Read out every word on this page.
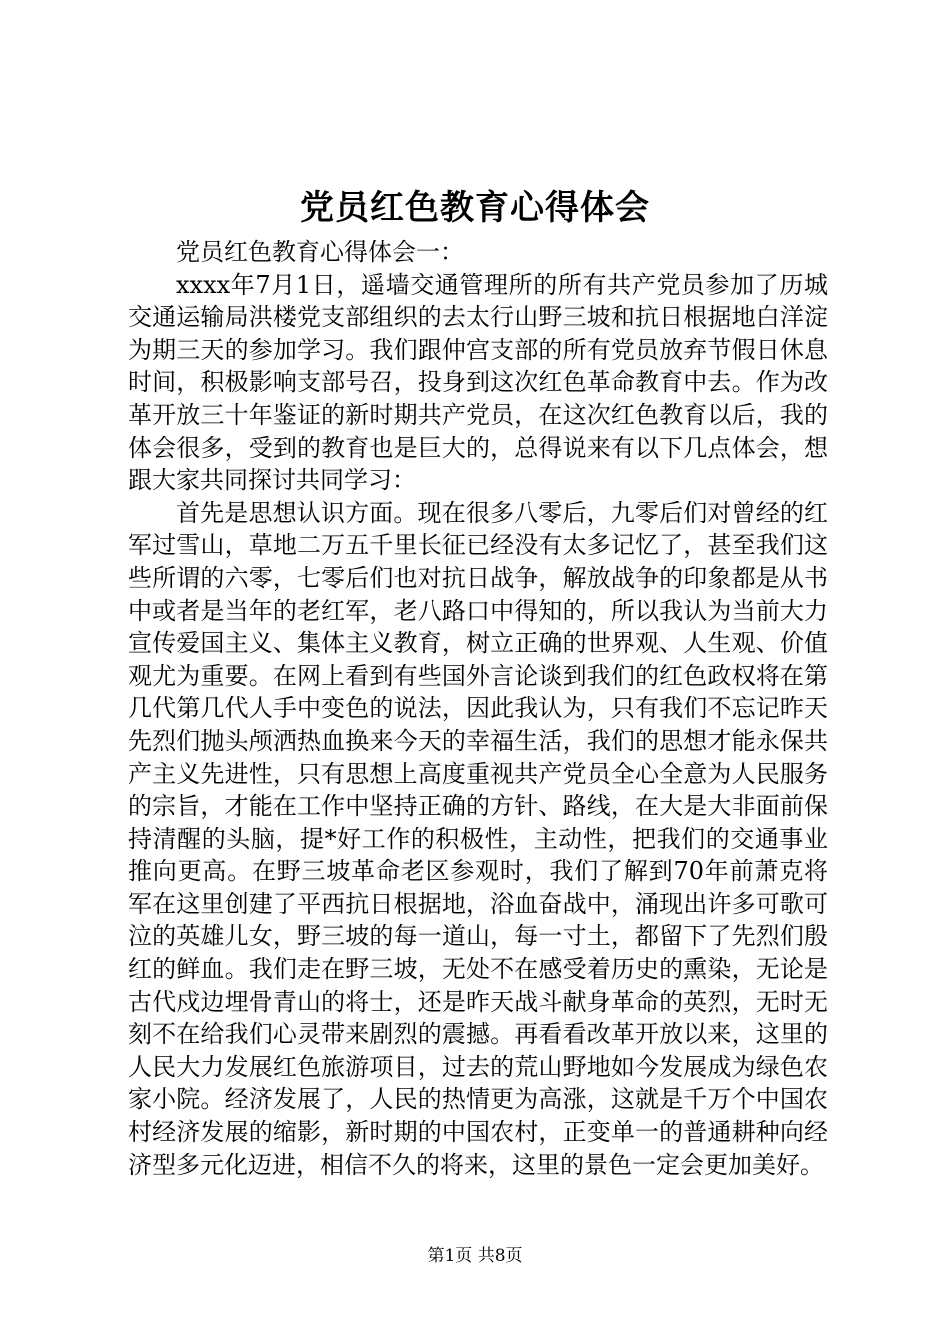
党员红色教育心得体会

党员红色教育心得体会一：

xxxx年7月1日，遥墙交通管理所的所有共产党员参加了历城交通运输局洪楼党支部组织的去太行山野三坡和抗日根据地白洋淀为期三天的参加学习。我们跟仲宫支部的所有党员放弃节假日休息时间，积极影响支部号召，投身到这次红色革命教育中去。作为改革开放三十年鉴证的新时期共产党员，在这次红色教育以后，我的体会很多，受到的教育也是巨大的，总得说来有以下几点体会，想跟大家共同探讨共同学习：

首先是思想认识方面。现在很多八零后，九零后们对曾经的红军过雪山，草地二万五千里长征已经没有太多记忆了，甚至我们这些所谓的六零，七零后们也对抗日战争，解放战争的印象都是从书中或者是当年的老红军，老八路口中得知的，所以我认为当前大力宣传爱国主义、集体主义教育，树立正确的世界观、人生观、价值观尤为重要。在网上看到有些国外言论谈到我们的红色政权将在第几代第几代人手中变色的说法，因此我认为，只有我们不忘记昨天先烈们抛头颅洒热血换来今天的幸福生活，我们的思想才能永保共产主义先进性，只有思想上高度重视共产党员全心全意为人民服务的宗旨，才能在工作中坚持正确的方针、路线，在大是大非面前保持清醒的头脑，提*好工作的积极性，主动性，把我们的交通事业推向更高。在野三坡革命老区参观时，我们了解到70年前萧克将军在这里创建了平西抗日根据地，浴血奋战中，涌现出许多可歌可泣的英雄儿女，野三坡的每一道山，每一寸土，都留下了先烈们殷红的鲜血。我们走在野三坡，无处不在感受着历史的熏染，无论是古代戍边埋骨青山的将士，还是昨天战斗献身革命的英烈，无时无刻不在给我们心灵带来剧烈的震撼。再看看改革开放以来，这里的人民大力发展红色旅游项目，过去的荒山野地如今发展成为绿色农家小院。经济发展了，人民的热情更为高涨，这就是千万个中国农村经济发展的缩影，新时期的中国农村，正变单一的普通耕种向经济型多元化迈进，相信不久的将来，这里的景色一定会更加美好。

第1页 共8页
